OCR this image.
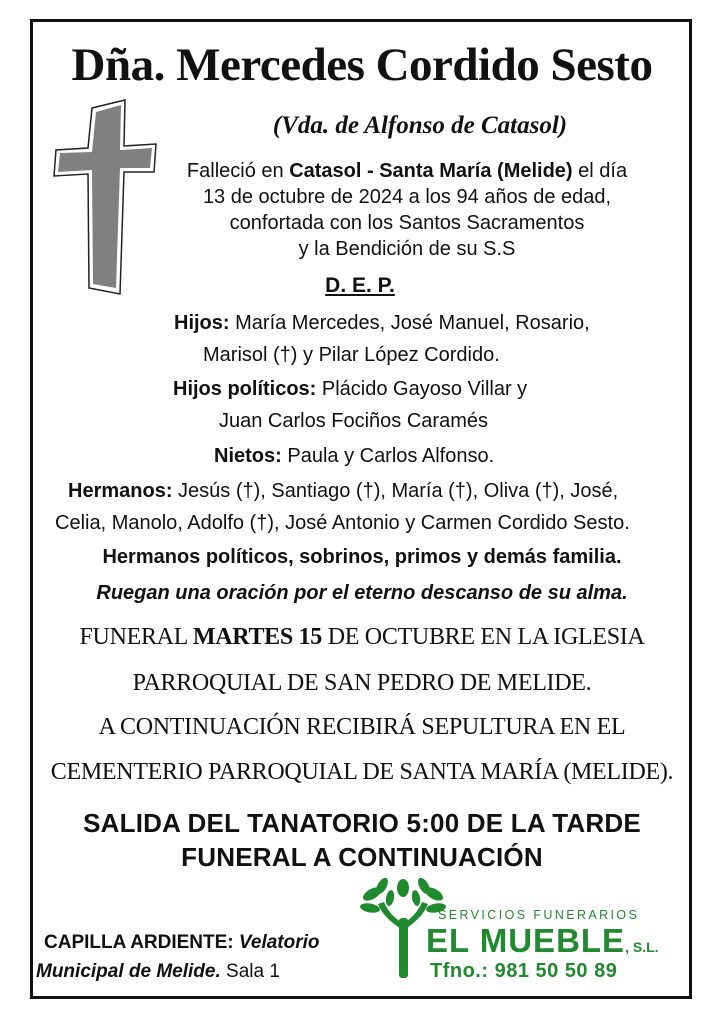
Dña. Mercedes Cordido Sesto
(Vda. de Alfonso de Catasol)
Falleció en Catasol - Santa María (Melide) el día
13 de octubre de 2024 a los 94 años de edad,
confortada con los Santos Sacramentos
y la Bendición de su S.S
D. E. P.
Hijos: María Mercedes, José Manuel, Rosario,
Marisol (†) y Pilar López Cordido.
Hijos políticos: Plácido Gayoso Villar y
Juan Carlos Fociños Caramés
Nietos: Paula y Carlos Alfonso.
Hermanos: Jesús (†), Santiago (†), María (†), Oliva (†), José,
Celia, Manolo, Adolfo (†), José Antonio y Carmen Cordido Sesto.
Hermanos políticos, sobrinos, primos y demás familia.
Ruegan una oración por el eterno descanso de su alma.
FUNERAL MARTES 15 DE OCTUBRE EN LA IGLESIA
PARROQUIAL DE SAN PEDRO DE MELIDE.
A CONTINUACIÓN RECIBIRÁ SEPULTURA EN EL
CEMENTERIO PARROQUIAL DE SANTA MARÍA (MELIDE).
SALIDA DEL TANATORIO 5:00 DE LA TARDE
FUNERAL A CONTINUACIÓN
CAPILLA ARDIENTE: Velatorio
Municipal de Melide. Sala 1
SERVICIOS FUNERARIOS
EL MUEBLE, S.L.
Tfno.: 981 50 50 89
